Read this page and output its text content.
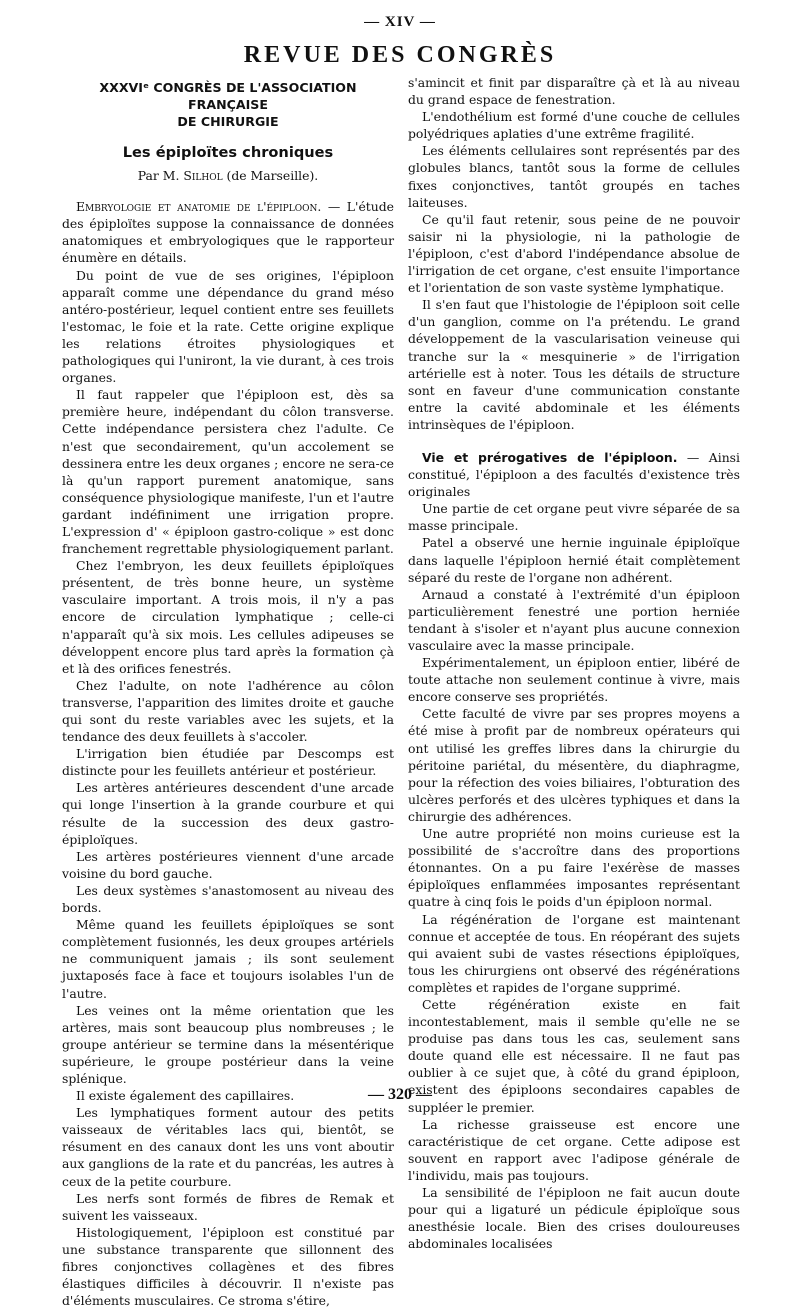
— XIV —
REVUE DES CONGRÈS
XXXVIᵉ CONGRÈS DE L'ASSOCIATION FRANÇAISE
DE CHIRURGIE
Les épiploïtes chroniques
Par M. Silhol (de Marseille).

Embryologie et anatomie de l'épiploon. — L'étude des épiploïtes suppose la connaissance de données anatomiques et embryologiques que le rapporteur énumère en détails.

Du point de vue de ses origines, l'épiploon apparaît comme une dépendance du grand méso antéro-postérieur, lequel contient entre ses feuillets l'estomac, le foie et la rate. Cette origine explique les relations étroites physiologiques et pathologiques qui l'uniront, la vie durant, à ces trois organes.

Il faut rappeler que l'épiploon est, dès sa première heure, indépendant du côlon transverse. Cette indépendance persistera chez l'adulte. Ce n'est que secondairement, qu'un accolement se dessinera entre les deux organes ; encore ne sera-ce là qu'un rapport purement anatomique, sans conséquence physiologique manifeste, l'un et l'autre gardant indéfiniment une irrigation propre. L'expression d' « épiploon gastro-colique » est donc franchement regrettable physiologiquement parlant.

Chez l'embryon, les deux feuillets épiploïques présentent, de très bonne heure, un système vasculaire important. A trois mois, il n'y a pas encore de circulation lymphatique ; celle-ci n'apparaît qu'à six mois. Les cellules adipeuses se développent encore plus tard après la formation çà et là des orifices fenestrés.

Chez l'adulte, on note l'adhérence au côlon transverse, l'apparition des limites droite et gauche qui sont du reste variables avec les sujets, et la tendance des deux feuillets à s'accoler.

L'irrigation bien étudiée par Descomps est distincte pour les feuillets antérieur et postérieur.

Les artères antérieures descendent d'une arcade qui longe l'insertion à la grande courbure et qui résulte de la succession des deux gastro-épiploïques.

Les artères postérieures viennent d'une arcade voisine du bord gauche.

Les deux systèmes s'anastomosent au niveau des bords.

Même quand les feuillets épiploïques se sont complètement fusionnés, les deux groupes artériels ne communiquent jamais ; ils sont seulement juxtaposés face à face et toujours isolables l'un de l'autre.

Les veines ont la même orientation que les artères, mais sont beaucoup plus nombreuses ; le groupe antérieur se termine dans la mésentérique supérieure, le groupe postérieur dans la veine splénique.

Il existe également des capillaires.

Les lymphatiques forment autour des petits vaisseaux de véritables lacs qui, bientôt, se résument en des canaux dont les uns vont aboutir aux ganglions de la rate et du pancréas, les autres à ceux de la petite courbure.

Les nerfs sont formés de fibres de Remak et suivent les vaisseaux.

Histologiquement, l'épiploon est constitué par une substance transparente que sillonnent des fibres conjonctives collagènes et des fibres élastiques difficiles à découvrir. Il n'existe pas d'éléments musculaires. Ce stroma s'étire,

s'amincit et finit par disparaître çà et là au niveau du grand espace de fenestration.

L'endothélium est formé d'une couche de cellules polyédriques aplaties d'une extrême fragilité.

Les éléments cellulaires sont représentés par des globules blancs, tantôt sous la forme de cellules fixes conjonctives, tantôt groupés en taches laiteuses.

Ce qu'il faut retenir, sous peine de ne pouvoir saisir ni la physiologie, ni la pathologie de l'épiploon, c'est d'abord l'indépendance absolue de l'irrigation de cet organe, c'est ensuite l'importance et l'orientation de son vaste système lymphatique.

Il s'en faut que l'histologie de l'épiploon soit celle d'un ganglion, comme on l'a prétendu. Le grand développement de la vascularisation veineuse qui tranche sur la « mesquinerie » de l'irrigation artérielle est à noter. Tous les détails de structure sont en faveur d'une communication constante entre la cavité abdominale et les éléments intrinsèques de l'épiploon.

Vie et prérogatives de l'épiploon. — Ainsi constitué, l'épiploon a des facultés d'existence très originales

Une partie de cet organe peut vivre séparée de sa masse principale.

Patel a observé une hernie inguinale épiploïque dans laquelle l'épiploon hernié était complètement séparé du reste de l'organe non adhérent.

Arnaud a constaté à l'extrémité d'un épiploon particulièrement fenestré une portion herniée tendant à s'isoler et n'ayant plus aucune connexion vasculaire avec la masse principale.

Expérimentalement, un épiploon entier, libéré de toute attache non seulement continue à vivre, mais encore conserve ses propriétés.

Cette faculté de vivre par ses propres moyens a été mise à profit par de nombreux opérateurs qui ont utilisé les greffes libres dans la chirurgie du péritoine pariétal, du mésentère, du diaphragme, pour la réfection des voies biliaires, l'obturation des ulcères perforés et des ulcères typhiques et dans la chirurgie des adhérences.

Une autre propriété non moins curieuse est la possibilité de s'accroître dans des proportions étonnantes. On a pu faire l'exérèse de masses épiploïques enflammées imposantes représentant quatre à cinq fois le poids d'un épiploon normal.

La régénération de l'organe est maintenant connue et acceptée de tous. En réopérant des sujets qui avaient subi de vastes résections épiploïques, tous les chirurgiens ont observé des régénérations complètes et rapides de l'organe supprimé.

Cette régénération existe en fait incontestablement, mais il semble qu'elle ne se produise pas dans tous les cas, seulement sans doute quand elle est nécessaire. Il ne faut pas oublier à ce sujet que, à côté du grand épiploon, existent des épiploons secondaires capables de suppléer le premier.

La richesse graisseuse est encore une caractéristique de cet organe. Cette adipose est souvent en rapport avec l'adipose générale de l'individu, mais pas toujours.

La sensibilité de l'épiploon ne fait aucun doute pour qui a ligaturé un pédicule épiploïque sous anesthésie locale. Bien des crises douloureuses abdominales localisées

— 320 —
